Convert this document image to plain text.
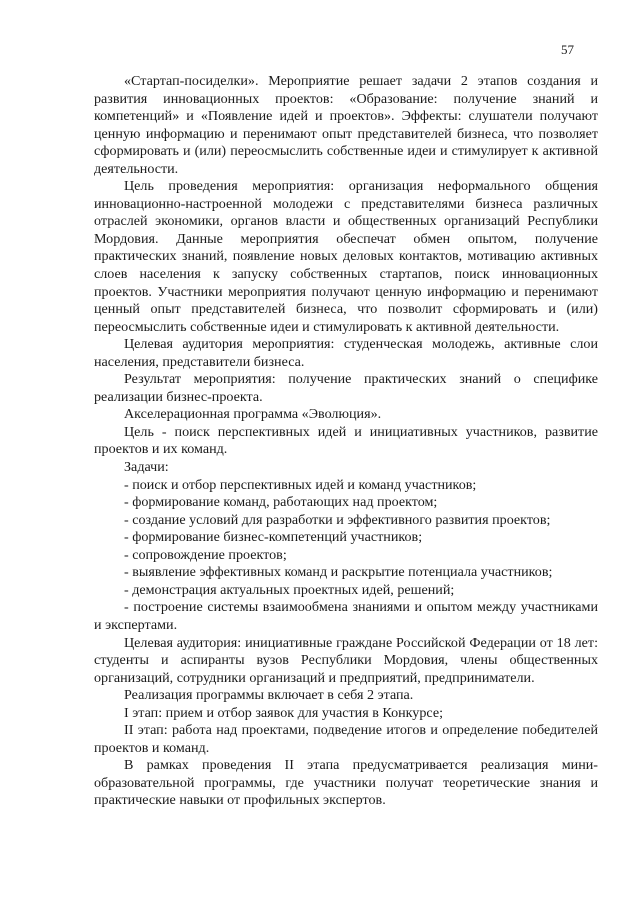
57

«Стартап-посиделки». Мероприятие решает задачи 2 этапов создания и развития инновационных проектов: «Образование: получение знаний и компетенций» и «Появление идей и проектов». Эффекты: слушатели получают ценную информацию и перенимают опыт представителей бизнеса, что позволяет сформировать и (или) переосмыслить собственные идеи и стимулирует к активной деятельности.

Цель проведения мероприятия: организация неформального общения инновационно-настроенной молодежи с представителями бизнеса различных отраслей экономики, органов власти и общественных организаций Республики Мордовия. Данные мероприятия обеспечат обмен опытом, получение практических знаний, появление новых деловых контактов, мотивацию активных слоев населения к запуску собственных стартапов, поиск инновационных проектов. Участники мероприятия получают ценную информацию и перенимают ценный опыт представителей бизнеса, что позволит сформировать и (или) переосмыслить собственные идеи и стимулировать к активной деятельности.

Целевая аудитория мероприятия: студенческая молодежь, активные слои населения, представители бизнеса.

Результат мероприятия: получение практических знаний о специфике реализации бизнес-проекта.

Акселерационная программа «Эволюция».

Цель - поиск перспективных идей и инициативных участников, развитие проектов и их команд.

Задачи:

- поиск и отбор перспективных идей и команд участников;

- формирование команд, работающих над проектом;

- создание условий для разработки и эффективного развития проектов;

- формирование бизнес-компетенций участников;

- сопровождение проектов;

- выявление эффективных команд и раскрытие потенциала участников;

- демонстрация актуальных проектных идей, решений;

- построение системы взаимообмена знаниями и опытом между участниками и экспертами.

Целевая аудитория: инициативные граждане Российской Федерации от 18 лет: студенты и аспиранты вузов Республики Мордовия, члены общественных организаций, сотрудники организаций и предприятий, предприниматели.

Реализация программы включает в себя 2 этапа.

I этап: прием и отбор заявок для участия в Конкурсе;

II этап: работа над проектами, подведение итогов и определение победителей проектов и команд.

В рамках проведения II этапа предусматривается реализация мини-образовательной программы, где участники получат теоретические знания и практические навыки от профильных экспертов.
